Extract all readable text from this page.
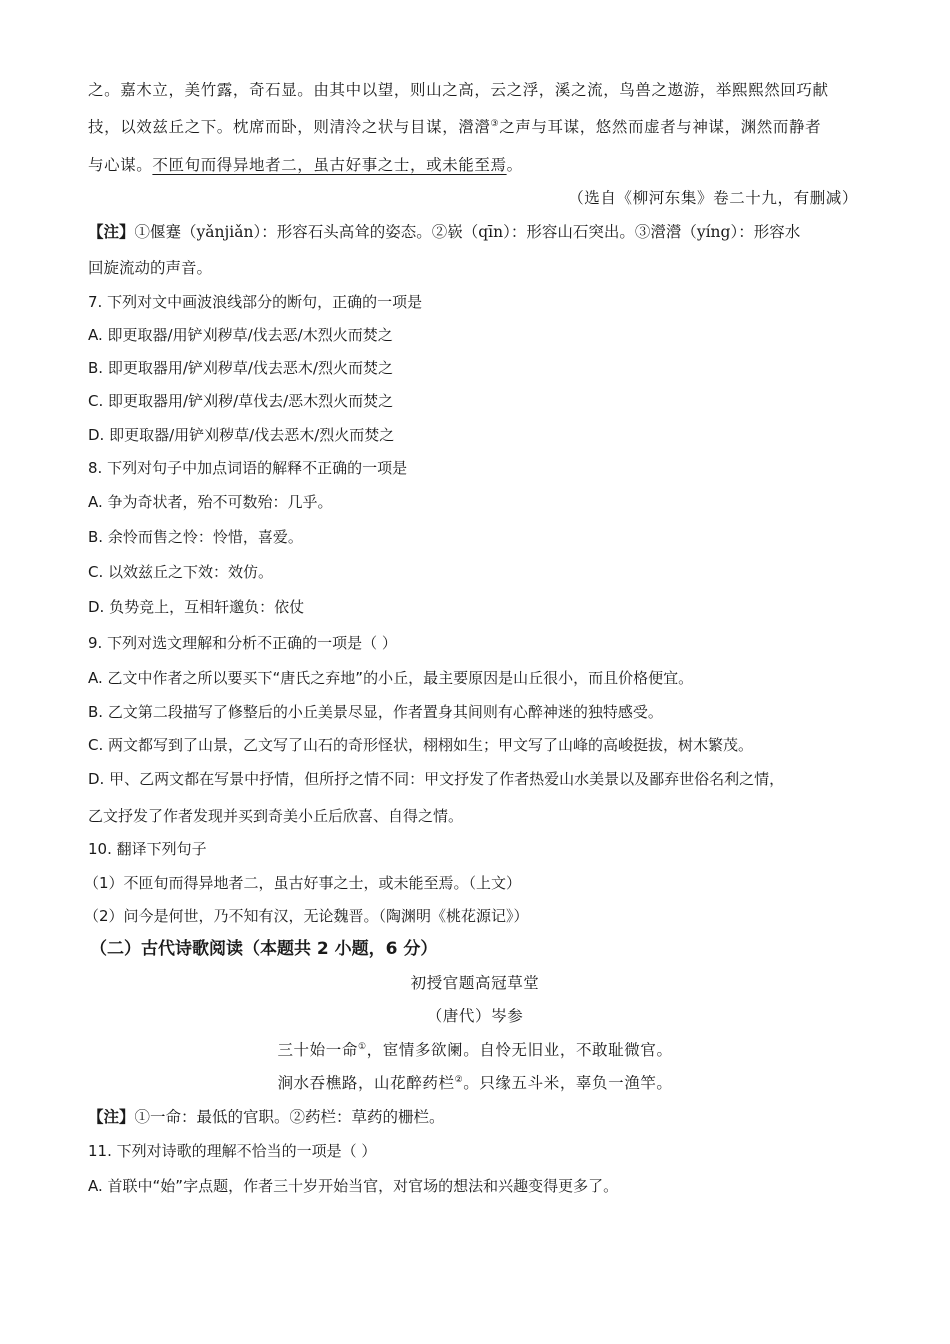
之。嘉木立，美竹露，奇石显。由其中以望，则山之高，云之浮，溪之流，鸟兽之遨游，举熙熙然回巧献
技，以效兹丘之下。枕席而卧，则清泠之状与目谋，瀯瀯③之声与耳谋，悠然而虚者与神谋，渊然而静者
与心谋。不匝旬而得异地者二，虽古好事之士，或未能至焉。
（选自《柳河东集》卷二十九，有删减）
【注】①偃蹇（yǎnjiǎn）：形容石头高耸的姿态。②嵚（qīn）：形容山石突出。③瀯瀯（yíng）：形容水
回旋流动的声音。
7. 下列对文中画波浪线部分的断句，正确的一项是
A. 即更取器/用铲刈秽草/伐去恶/木烈火而焚之
B. 即更取器用/铲刈秽草/伐去恶木/烈火而焚之
C. 即更取器用/铲刈秽/草伐去/恶木烈火而焚之
D. 即更取器/用铲刈秽草/伐去恶木/烈火而焚之
8. 下列对句子中加点词语的解释不正确的一项是
A. 争为奇状者，殆不可数殆：几乎。
B. 余怜而售之怜：怜惜，喜爱。
C. 以效兹丘之下效：效仿。
D. 负势竞上，互相轩邈负：依仗
9. 下列对选文理解和分析不正确的一项是（ ）
A. 乙文中作者之所以要买下“唐氏之弃地”的小丘，最主要原因是山丘很小，而且价格便宜。
B. 乙文第二段描写了修整后的小丘美景尽显，作者置身其间则有心醉神迷的独特感受。
C. 两文都写到了山景，乙文写了山石的奇形怪状，栩栩如生；甲文写了山峰的高峻挺拔，树木繁茂。
D. 甲、乙两文都在写景中抒情，但所抒之情不同：甲文抒发了作者热爱山水美景以及鄙弃世俗名利之情，
乙文抒发了作者发现并买到奇美小丘后欣喜、自得之情。
10. 翻译下列句子
（1）不匝旬而得异地者二，虽古好事之士，或未能至焉。（上文）
（2）问今是何世，乃不知有汉，无论魏晋。（陶渊明《桃花源记》）
（二）古代诗歌阅读（本题共 2 小题，6 分）
初授官题高冠草堂
（唐代）岑参
三十始一命①，宦情多欲阑。自怜无旧业，不敢耻微官。
涧水吞樵路，山花醉药栏②。只缘五斗米，辜负一渔竿。
【注】①一命：最低的官职。②药栏：草药的栅栏。
11. 下列对诗歌的理解不恰当的一项是（ ）
A. 首联中“始”字点题，作者三十岁开始当官，对官场的想法和兴趣变得更多了。
